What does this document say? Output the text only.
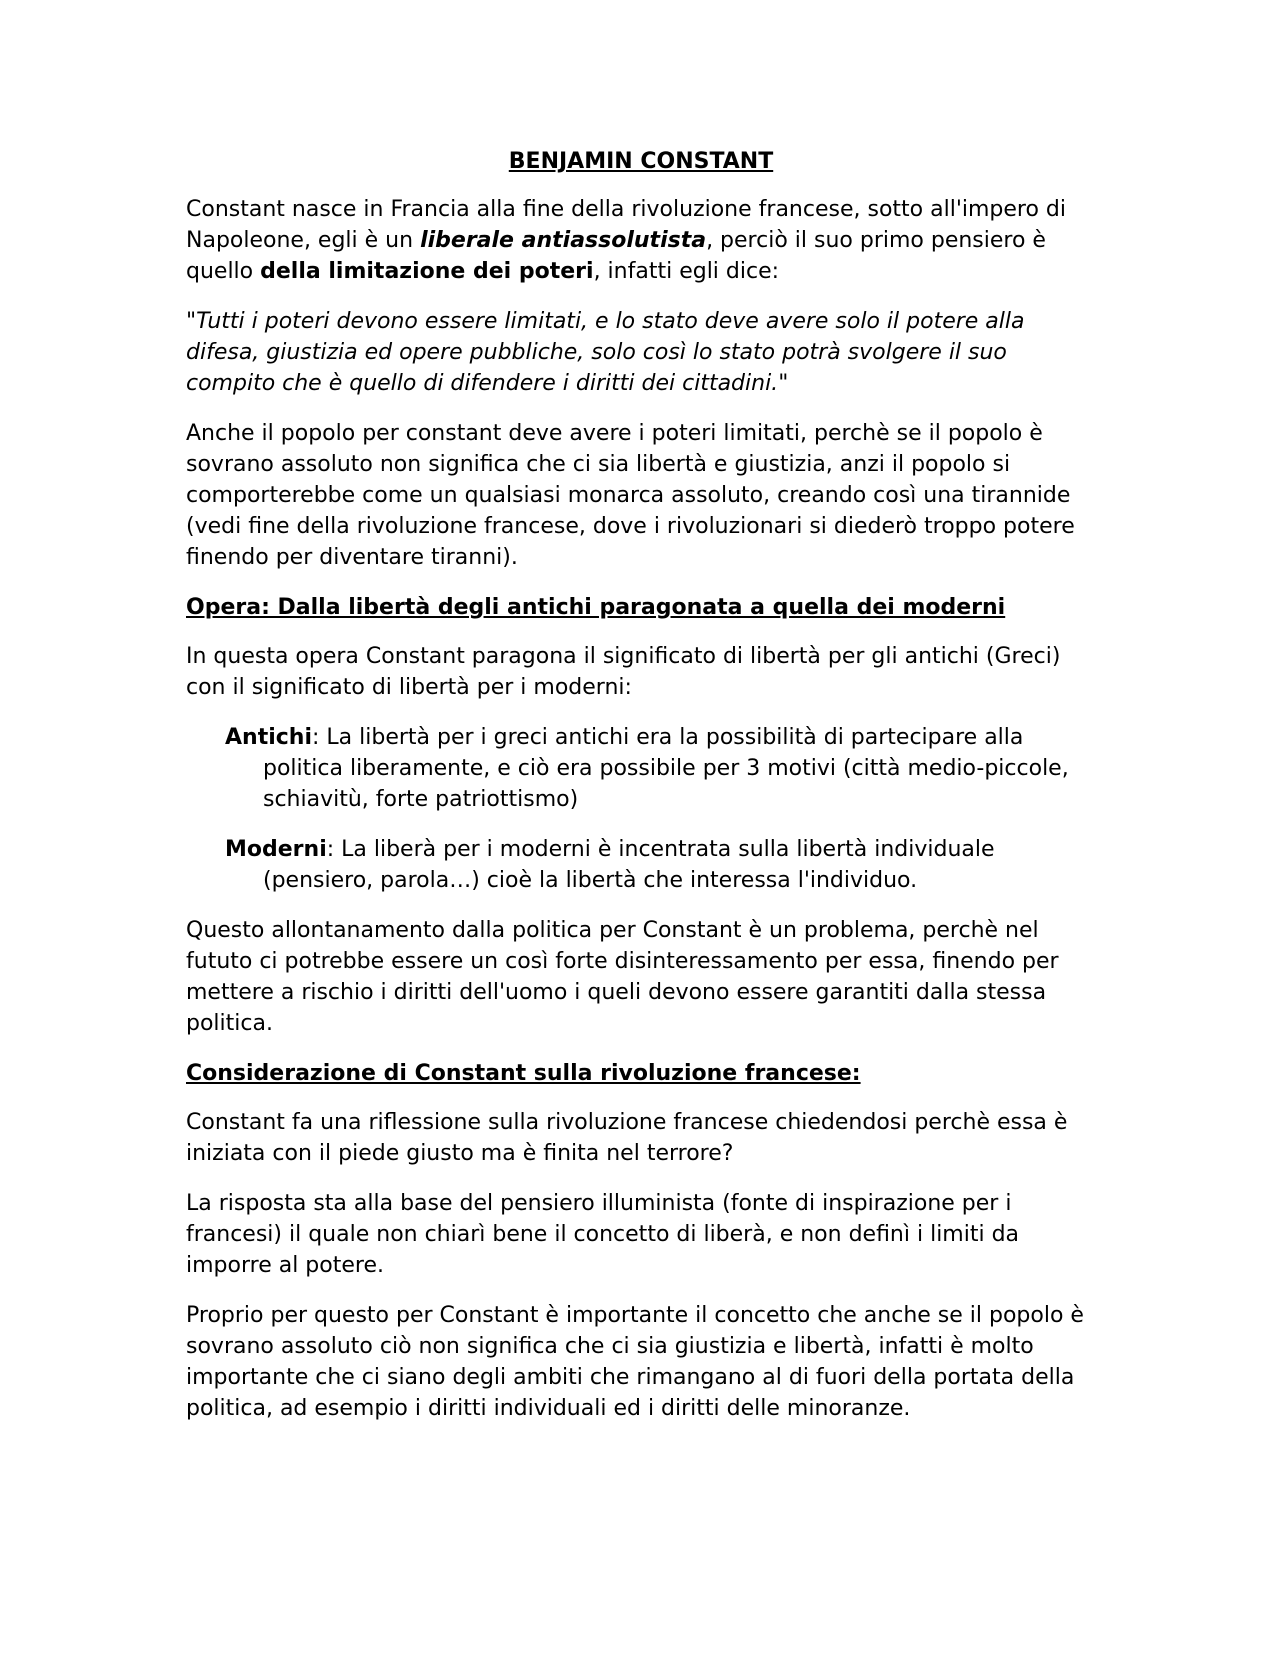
BENJAMIN CONSTANT

Constant nasce in Francia alla fine della rivoluzione francese, sotto all'impero di Napoleone, egli è un liberale antiassolutista, perciò il suo primo pensiero è quello della limitazione dei poteri, infatti egli dice:

"Tutti i poteri devono essere limitati, e lo stato deve avere solo il potere alla difesa, giustizia ed opere pubbliche, solo così lo stato potrà svolgere il suo compito che è quello di difendere i diritti dei cittadini."

Anche il popolo per constant deve avere i poteri limitati, perchè se il popolo è sovrano assoluto non significa che ci sia libertà e giustizia, anzi il popolo si comporterebbe come un qualsiasi monarca assoluto, creando così una tirannide (vedi fine della rivoluzione francese, dove i rivoluzionari si diederò troppo potere finendo per diventare tiranni).

Opera: Dalla libertà degli antichi paragonata a quella dei moderni

In questa opera Constant paragona il significato di libertà per gli antichi (Greci) con il significato di libertà per i moderni:

Antichi: La libertà per i greci antichi era la possibilità di partecipare alla politica liberamente, e ciò era possibile per 3 motivi (città medio-piccole, schiavitù, forte patriottismo)

Moderni: La liberà per i moderni è incentrata sulla libertà individuale (pensiero, parola…) cioè la libertà che interessa l'individuo.

Questo allontanamento dalla politica per Constant è un problema, perchè nel fututo ci potrebbe essere un così forte disinteressamento per essa, finendo per mettere a rischio i diritti dell'uomo i queli devono essere garantiti dalla stessa politica.

Considerazione di Constant sulla rivoluzione francese:

Constant fa una riflessione sulla rivoluzione francese chiedendosi perchè essa è iniziata con il piede giusto ma è finita nel terrore?

La risposta sta alla base del pensiero illuminista (fonte di inspirazione per i francesi) il quale non chiarì bene il concetto di liberà, e non definì i limiti da imporre al potere.

Proprio per questo per Constant è importante il concetto che anche se il popolo è sovrano assoluto ciò non significa che ci sia giustizia e libertà, infatti è molto importante che ci siano degli ambiti che rimangano al di fuori della portata della politica, ad esempio i diritti individuali ed i diritti delle minoranze.
